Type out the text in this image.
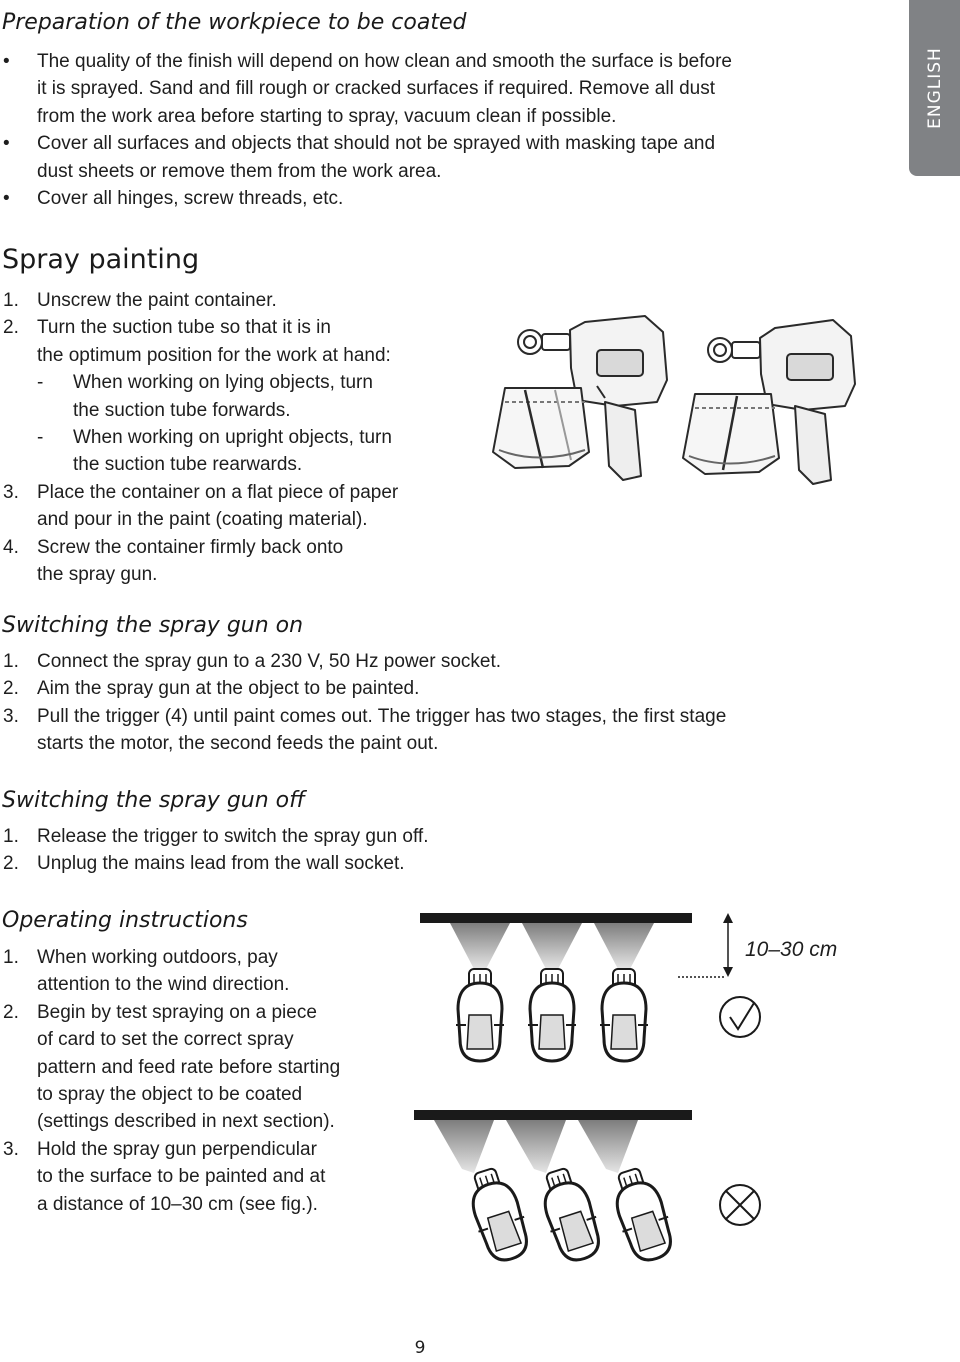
ENGLISH
Preparation of the workpiece to be coated
• The quality of the finish will depend on how clean and smooth the surface is before
it is sprayed. Sand and fill rough or cracked surfaces if required. Remove all dust
from the work area before starting to spray, vacuum clean if possible.
• Cover all surfaces and objects that should not be sprayed with masking tape and
dust sheets or remove them from the work area.
• Cover all hinges, screw threads, etc.
Spray painting
1. Unscrew the paint container.
2. Turn the suction tube so that it is in
the optimum position for the work at hand:
- When working on lying objects, turn
the suction tube forwards.
- When working on upright objects, turn
the suction tube rearwards.
3. Place the container on a flat piece of paper
and pour in the paint (coating material).
4. Screw the container firmly back onto
the spray gun.
Switching the spray gun on
1. Connect the spray gun to a 230 V, 50 Hz power socket.
2. Aim the spray gun at the object to be painted.
3. Pull the trigger (4) until paint comes out. The trigger has two stages, the first stage
starts the motor, the second feeds the paint out.
Switching the spray gun off
1. Release the trigger to switch the spray gun off.
2. Unplug the mains lead from the wall socket.
Operating instructions
1. When working outdoors, pay
attention to the wind direction.
2. Begin by test spraying on a piece
of card to set the correct spray
pattern and feed rate before starting
to spray the object to be coated
(settings described in next section).
3. Hold the spray gun perpendicular
to the surface to be painted and at
a distance of 10–30 cm (see fig.).
10–30 cm
9
